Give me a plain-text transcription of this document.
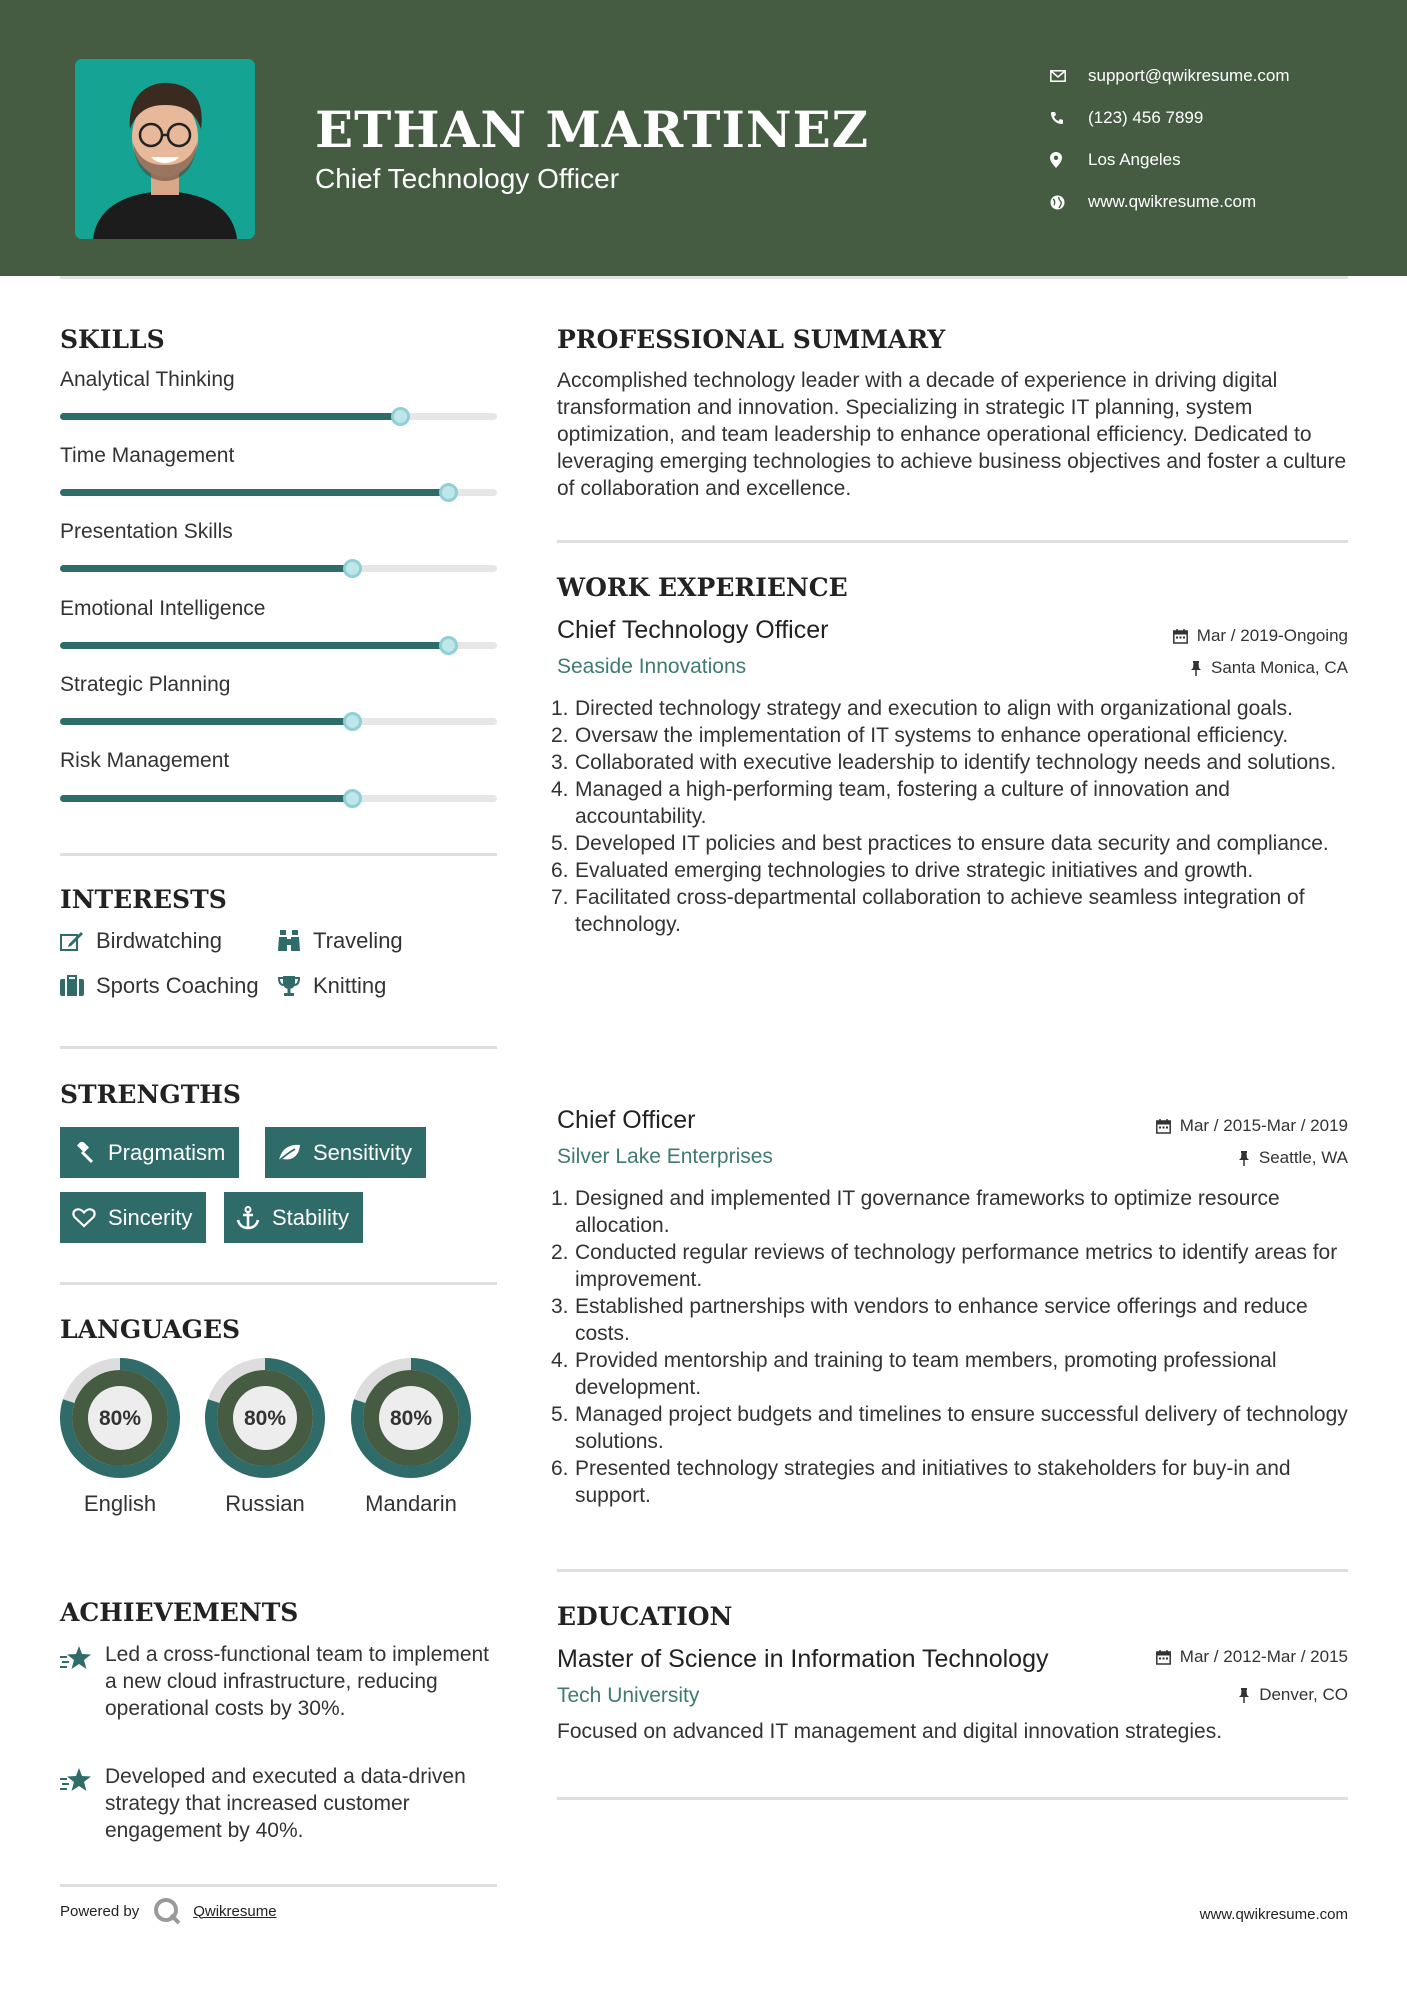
ETHAN MARTINEZ
Chief Technology Officer
support@qwikresume.com
(123) 456 7899
Los Angeles
www.qwikresume.com
SKILLS
Analytical Thinking
Time Management
Presentation Skills
Emotional Intelligence
Strategic Planning
Risk Management
INTERESTS
Birdwatching	Traveling
Sports Coaching Knitting
STRENGTHS
Pragmatism	Sensitivity
Sincerity	Stability
LANGUAGES
80%
English
80%
Russian
80%
Mandarin
ACHIEVEMENTS
Led a cross-functional team to implement a new cloud infrastructure, reducing operational costs by 30%.
Developed and executed a data-driven strategy that increased customer engagement by 40%.
PROFESSIONAL SUMMARY
Accomplished technology leader with a decade of experience in driving digital transformation and innovation. Specializing in strategic IT planning, system optimization, and team leadership to enhance operational efficiency. Dedicated to leveraging emerging technologies to achieve business objectives and foster a culture of collaboration and excellence.
WORK EXPERIENCE
Chief Technology Officer	Mar / 2019-Ongoing
Seaside Innovations	Santa Monica, CA
1. Directed technology strategy and execution to align with organizational goals.
2. Oversaw the implementation of IT systems to enhance operational efficiency.
3. Collaborated with executive leadership to identify technology needs and solutions.
4. Managed a high-performing team, fostering a culture of innovation and accountability.
5. Developed IT policies and best practices to ensure data security and compliance.
6. Evaluated emerging technologies to drive strategic initiatives and growth.
7. Facilitated cross-departmental collaboration to achieve seamless integration of technology.
Chief Officer	Mar / 2015-Mar / 2019
Silver Lake Enterprises	Seattle, WA
1. Designed and implemented IT governance frameworks to optimize resource allocation.
2. Conducted regular reviews of technology performance metrics to identify areas for improvement.
3. Established partnerships with vendors to enhance service offerings and reduce costs.
4. Provided mentorship and training to team members, promoting professional development.
5. Managed project budgets and timelines to ensure successful delivery of technology solutions.
6. Presented technology strategies and initiatives to stakeholders for buy-in and support.
EDUCATION
Master of Science in Information Technology	Mar / 2012-Mar / 2015
Tech University	Denver, CO
Focused on advanced IT management and digital innovation strategies.
Powered by	Qwikresume	www.qwikresume.com
